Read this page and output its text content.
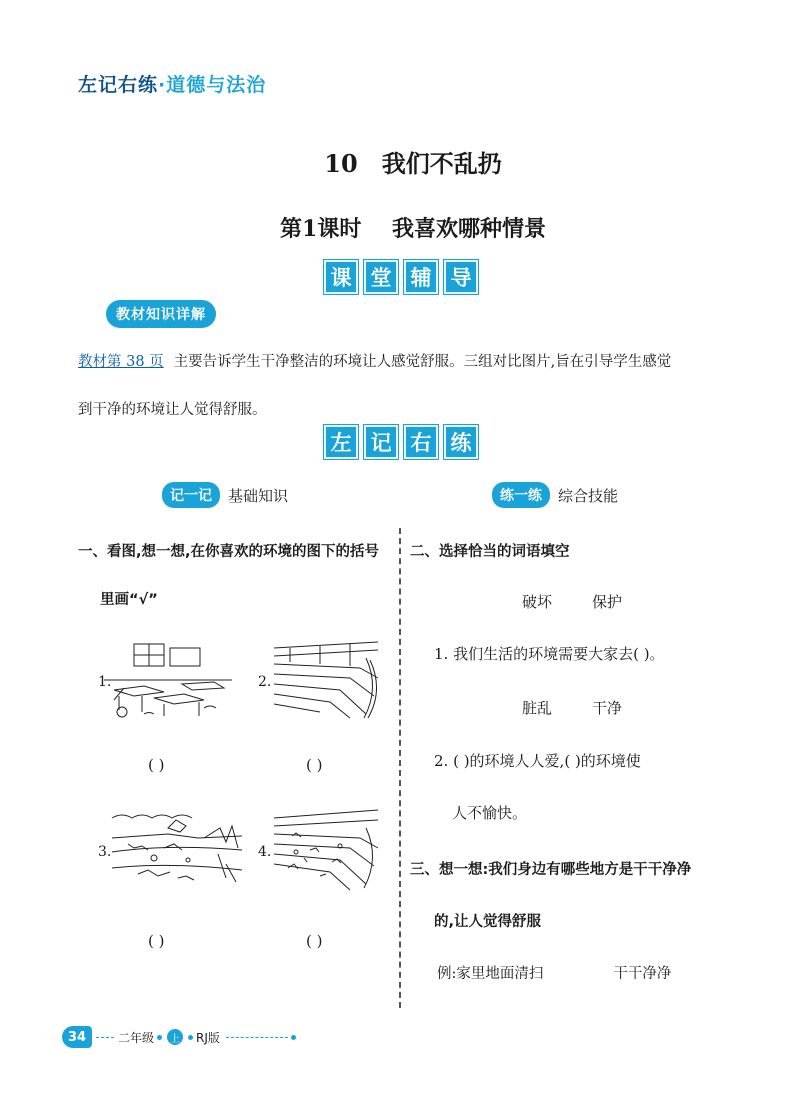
左记右练·道德与法治
10 我们不乱扔
第1课时 我喜欢哪种情景
课 堂 辅 导
教材知识详解
教材第 38 页 主要告诉学生干净整洁的环境让人感觉舒服。三组对比图片,旨在引导学生感觉
到干净的环境让人觉得舒服。
左 记 右 练
记一记	基础知识	练一练	综合技能
一、看图,想一想,在你喜欢的环境的图下的括号
里画“√”
1.
( )
2.
( )
3.
( )
4.
( )
二、选择恰当的词语填空
破坏	保护
1. 我们生活的环境需要大家去( )。
脏乱	干净
2. ( )的环境人人爱,( )的环境使
人不愉快。
三、想一想:我们身边有哪些地方是干干净净
的,让人觉得舒服
例:家里地面清扫	干干净净
34	二年级	上 RJ版
